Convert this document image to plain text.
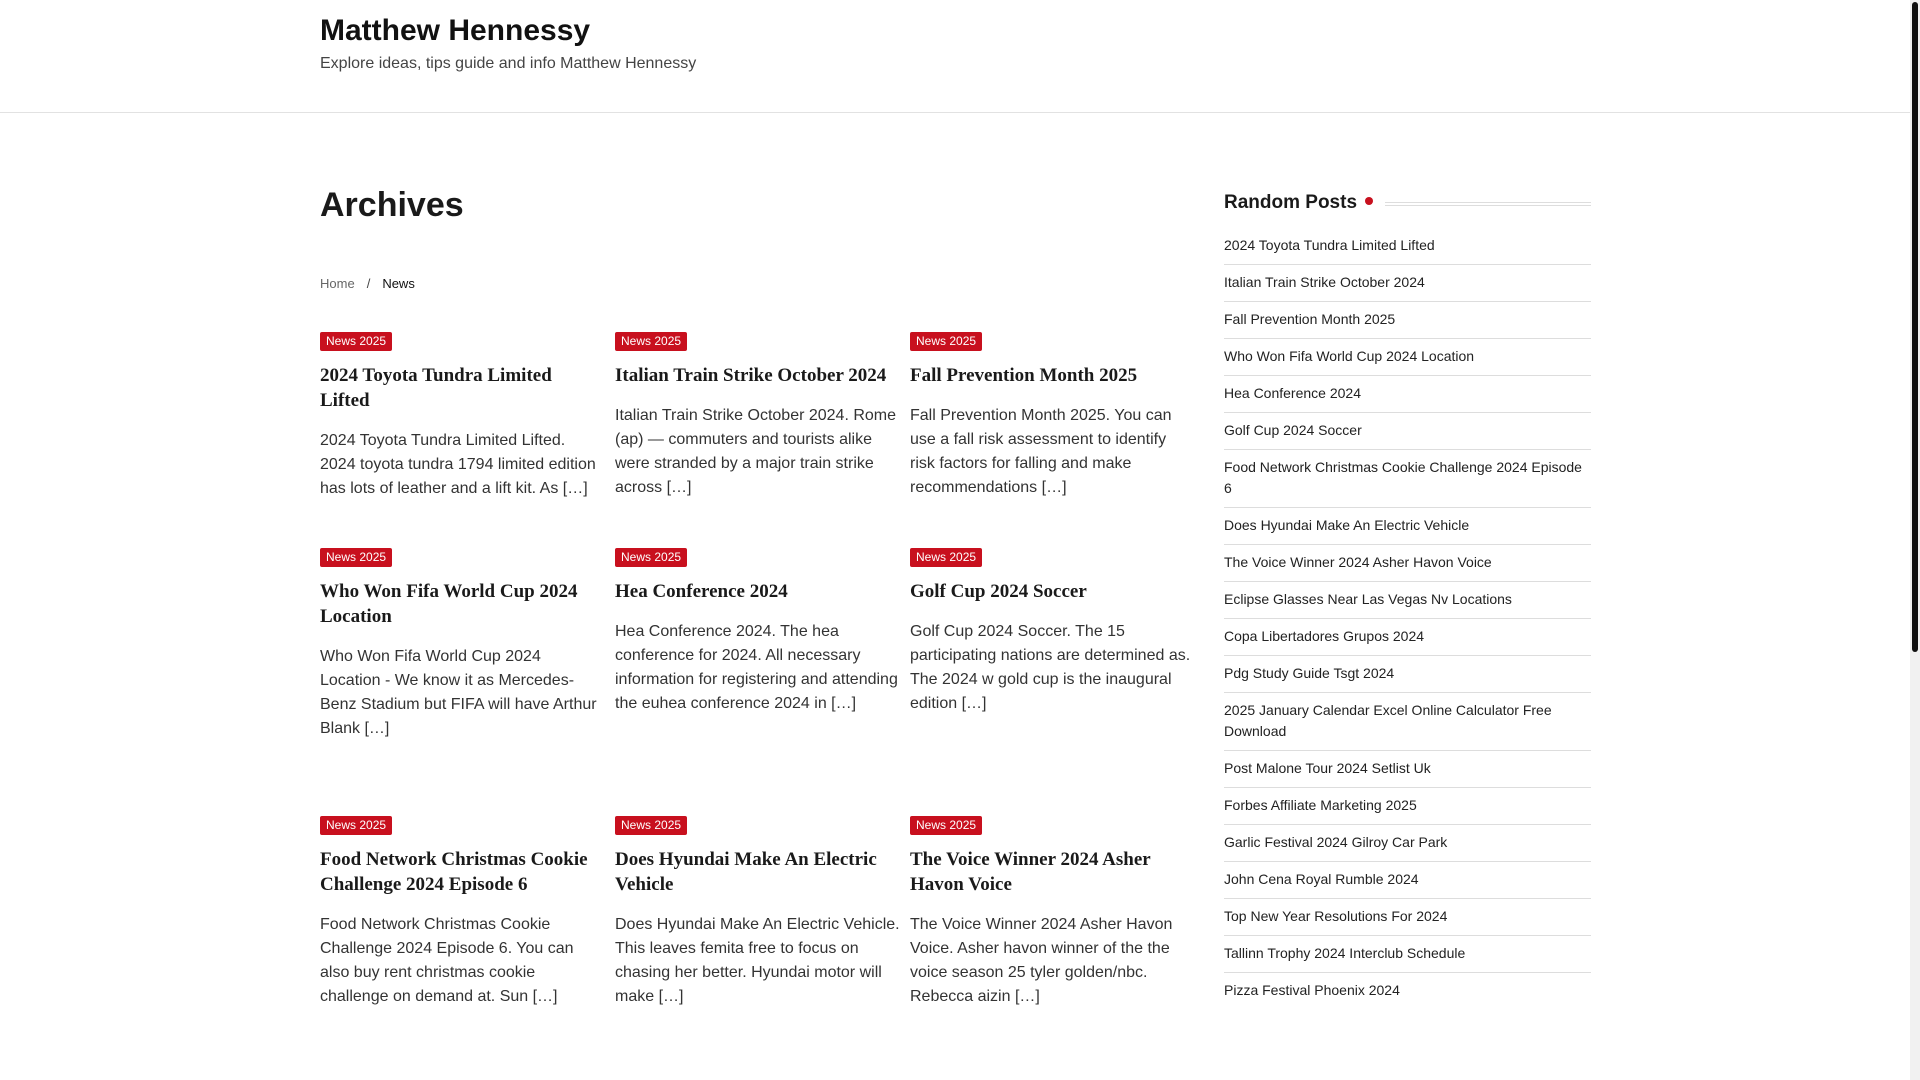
Matthew Hennessy
Explore ideas, tips guide and info Matthew Hennessy
Archives
Home / News
News 2025
2024 Toyota Tundra Limited Lifted

2024 Toyota Tundra Limited Lifted. 2024 toyota tundra 1794 limited edition has lots of leather and a lift kit. As […]

News 2025
Italian Train Strike October 2024

Italian Train Strike October 2024. Rome (ap) — commuters and tourists alike were stranded by a major train strike across […]

News 2025
Fall Prevention Month 2025

Fall Prevention Month 2025. You can use a fall risk assessment to identify risk factors for falling and make recommendations […]

News 2025
Who Won Fifa World Cup 2024 Location

Who Won Fifa World Cup 2024 Location - We know it as Mercedes-Benz Stadium but FIFA will have Arthur Blank […]

News 2025
Hea Conference 2024

Hea Conference 2024. The hea conference for 2024. All necessary information for registering and attending the euhea conference 2024 in […]

News 2025
Golf Cup 2024 Soccer

Golf Cup 2024 Soccer. The 15 participating nations are determined as. The 2024 w gold cup is the inaugural edition […]

News 2025
Food Network Christmas Cookie Challenge 2024 Episode 6

Food Network Christmas Cookie Challenge 2024 Episode 6. You can also buy rent christmas cookie challenge on demand at. Sun […]

News 2025
Does Hyundai Make An Electric Vehicle

Does Hyundai Make An Electric Vehicle. This leaves femita free to focus on chasing her better. Hyundai motor will make […]

News 2025
The Voice Winner 2024 Asher Havon Voice

The Voice Winner 2024 Asher Havon Voice. Asher havon winner of the the voice season 25 tyler golden/nbc. Rebecca aizin […]

Random Posts
2024 Toyota Tundra Limited Lifted
Italian Train Strike October 2024
Fall Prevention Month 2025
Who Won Fifa World Cup 2024 Location
Hea Conference 2024
Golf Cup 2024 Soccer
Food Network Christmas Cookie Challenge 2024 Episode 6
Does Hyundai Make An Electric Vehicle
The Voice Winner 2024 Asher Havon Voice
Eclipse Glasses Near Las Vegas Nv Locations
Copa Libertadores Grupos 2024
Pdg Study Guide Tsgt 2024
2025 January Calendar Excel Online Calculator Free Download
Post Malone Tour 2024 Setlist Uk
Forbes Affiliate Marketing 2025
Garlic Festival 2024 Gilroy Car Park
John Cena Royal Rumble 2024
Top New Year Resolutions For 2024
Tallinn Trophy 2024 Interclub Schedule
Pizza Festival Phoenix 2024
